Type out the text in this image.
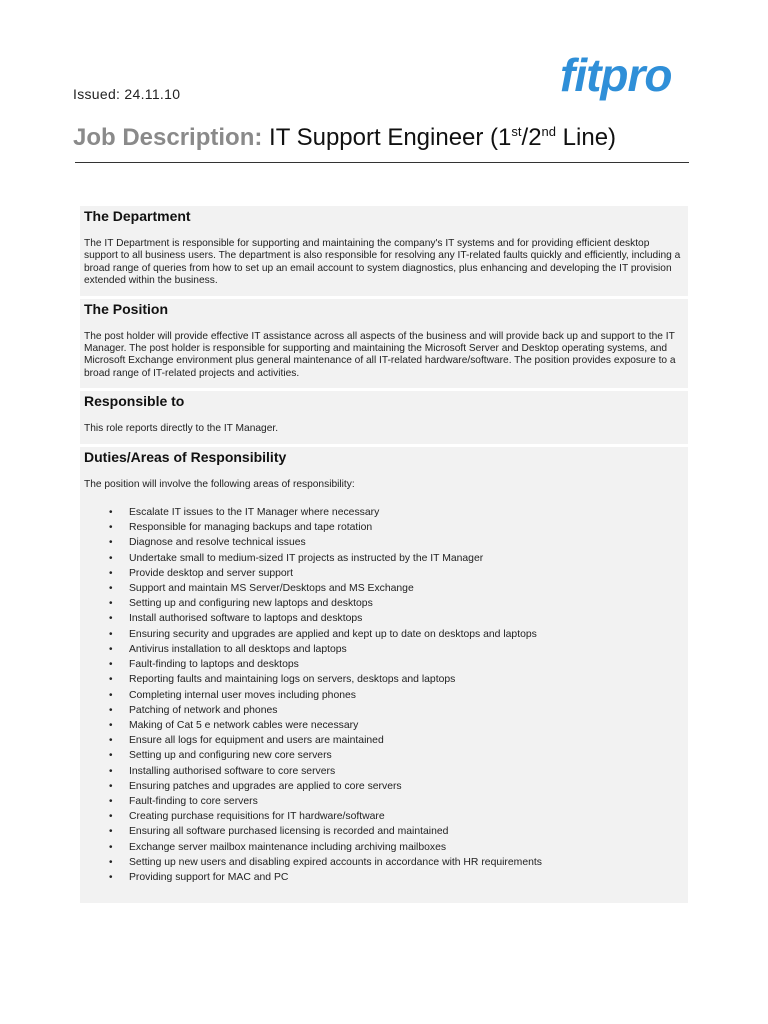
Issued: 24.11.10	fitpro
Job Description: IT Support Engineer (1st/2nd Line)
The Department

The IT Department is responsible for supporting and maintaining the company's IT systems and for providing efficient desktop support to all business users. The department is also responsible for resolving any IT-related faults quickly and efficiently, including a broad range of queries from how to set up an email account to system diagnostics, plus enhancing and developing the IT provision extended within the business.

The Position

The post holder will provide effective IT assistance across all aspects of the business and will provide back up and support to the IT Manager. The post holder is responsible for supporting and maintaining the Microsoft Server and Desktop operating systems, and Microsoft Exchange environment plus general maintenance of all IT-related hardware/software. The position provides exposure to a broad range of IT-related projects and activities.

Responsible to

This role reports directly to the IT Manager.

Duties/Areas of Responsibility

The position will involve the following areas of responsibility:

• Escalate IT issues to the IT Manager where necessary
• Responsible for managing backups and tape rotation
• Diagnose and resolve technical issues
• Undertake small to medium-sized IT projects as instructed by the IT Manager
• Provide desktop and server support
• Support and maintain MS Server/Desktops and MS Exchange
• Setting up and configuring new laptops and desktops
• Install authorised software to laptops and desktops
• Ensuring security and upgrades are applied and kept up to date on desktops and laptops
• Antivirus installation to all desktops and laptops
• Fault-finding to laptops and desktops
• Reporting faults and maintaining logs on servers, desktops and laptops
• Completing internal user moves including phones
• Patching of network and phones
• Making of Cat 5 e network cables were necessary
• Ensure all logs for equipment and users are maintained
• Setting up and configuring new core servers
• Installing authorised software to core servers
• Ensuring patches and upgrades are applied to core servers
• Fault-finding to core servers
• Creating purchase requisitions for IT hardware/software
• Ensuring all software purchased licensing is recorded and maintained
• Exchange server mailbox maintenance including archiving mailboxes
• Setting up new users and disabling expired accounts in accordance with HR requirements
• Providing support for MAC and PC
